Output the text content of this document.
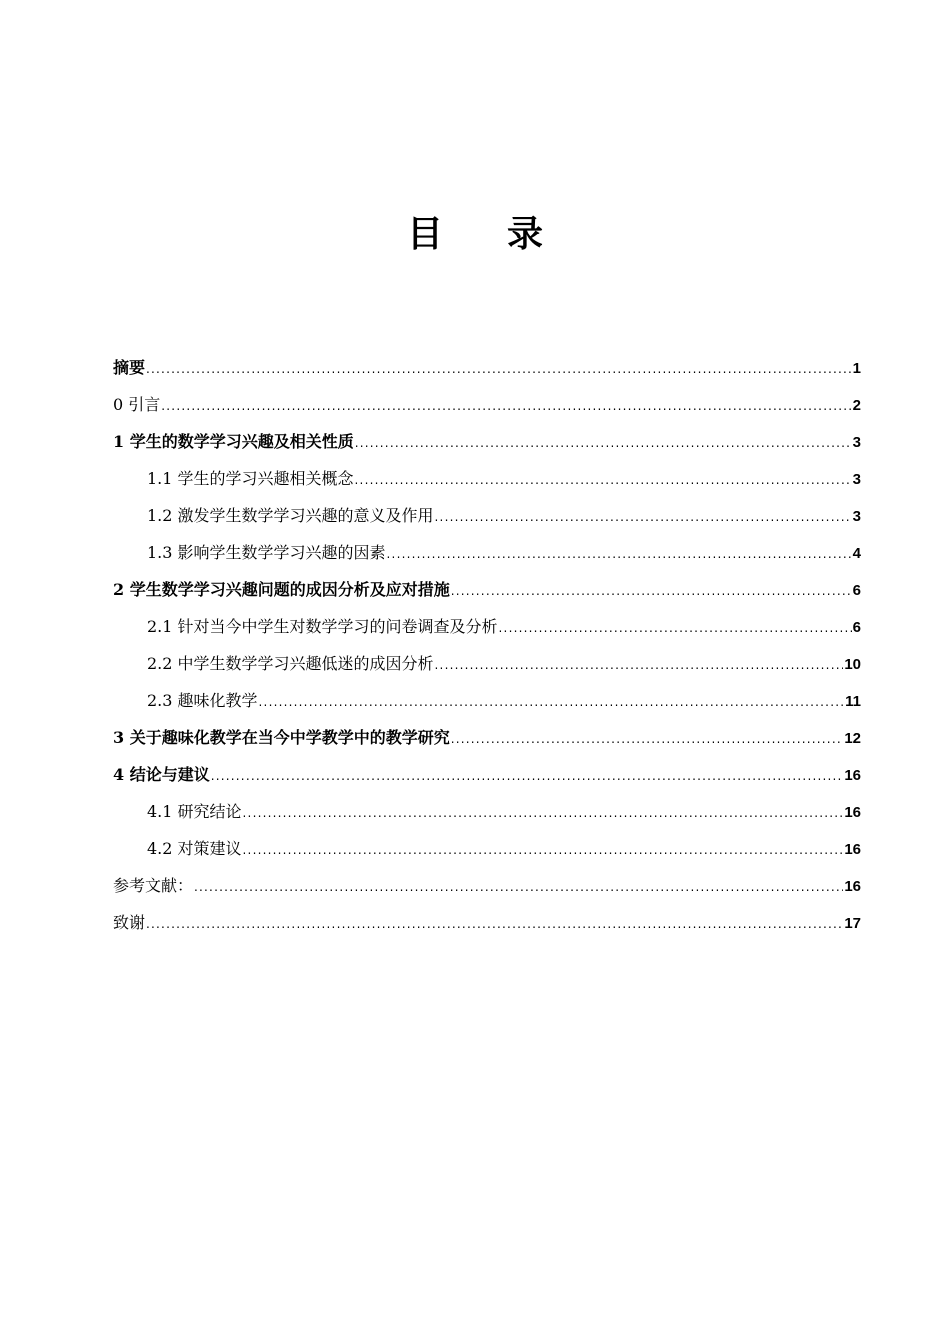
目 录
摘要 .....	1
0 引言 .....	2
1 学生的数学学习兴趣及相关性质 .....	3
1.1 学生的学习兴趣相关概念 .....	3
1.2 激发学生数学学习兴趣的意义及作用 .....	3
1.3 影响学生数学学习兴趣的因素 .....	4
2 学生数学学习兴趣问题的成因分析及应对措施 .....	6
2.1 针对当今中学生对数学学习的问卷调查及分析 .....	6
2.2 中学生数学学习兴趣低迷的成因分析 .....	10
2.3 趣味化教学 .....	11
3 关于趣味化教学在当今中学教学中的教学研究 .....	12
4 结论与建议 .....	16
4.1 研究结论 .....	16
4.2 对策建议 .....	16
参考文献： .....	16
致谢 .....	17
